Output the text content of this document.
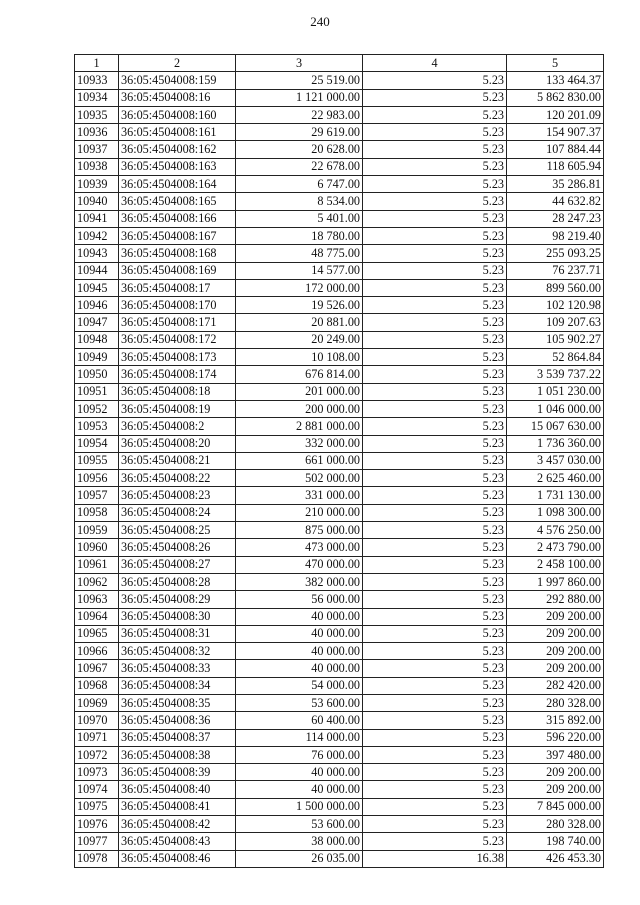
240
1	2	3	4	5
10933	36:05:4504008:159	25 519.00	5.23	133 464.37
10934	36:05:4504008:16	1 121 000.00	5.23	5 862 830.00
10935	36:05:4504008:160	22 983.00	5.23	120 201.09
10936	36:05:4504008:161	29 619.00	5.23	154 907.37
10937	36:05:4504008:162	20 628.00	5.23	107 884.44
10938	36:05:4504008:163	22 678.00	5.23	118 605.94
10939	36:05:4504008:164	6 747.00	5.23	35 286.81
10940	36:05:4504008:165	8 534.00	5.23	44 632.82
10941	36:05:4504008:166	5 401.00	5.23	28 247.23
10942	36:05:4504008:167	18 780.00	5.23	98 219.40
10943	36:05:4504008:168	48 775.00	5.23	255 093.25
10944	36:05:4504008:169	14 577.00	5.23	76 237.71
10945	36:05:4504008:17	172 000.00	5.23	899 560.00
10946	36:05:4504008:170	19 526.00	5.23	102 120.98
10947	36:05:4504008:171	20 881.00	5.23	109 207.63
10948	36:05:4504008:172	20 249.00	5.23	105 902.27
10949	36:05:4504008:173	10 108.00	5.23	52 864.84
10950	36:05:4504008:174	676 814.00	5.23	3 539 737.22
10951	36:05:4504008:18	201 000.00	5.23	1 051 230.00
10952	36:05:4504008:19	200 000.00	5.23	1 046 000.00
10953	36:05:4504008:2	2 881 000.00	5.23	15 067 630.00
10954	36:05:4504008:20	332 000.00	5.23	1 736 360.00
10955	36:05:4504008:21	661 000.00	5.23	3 457 030.00
10956	36:05:4504008:22	502 000.00	5.23	2 625 460.00
10957	36:05:4504008:23	331 000.00	5.23	1 731 130.00
10958	36:05:4504008:24	210 000.00	5.23	1 098 300.00
10959	36:05:4504008:25	875 000.00	5.23	4 576 250.00
10960	36:05:4504008:26	473 000.00	5.23	2 473 790.00
10961	36:05:4504008:27	470 000.00	5.23	2 458 100.00
10962	36:05:4504008:28	382 000.00	5.23	1 997 860.00
10963	36:05:4504008:29	56 000.00	5.23	292 880.00
10964	36:05:4504008:30	40 000.00	5.23	209 200.00
10965	36:05:4504008:31	40 000.00	5.23	209 200.00
10966	36:05:4504008:32	40 000.00	5.23	209 200.00
10967	36:05:4504008:33	40 000.00	5.23	209 200.00
10968	36:05:4504008:34	54 000.00	5.23	282 420.00
10969	36:05:4504008:35	53 600.00	5.23	280 328.00
10970	36:05:4504008:36	60 400.00	5.23	315 892.00
10971	36:05:4504008:37	114 000.00	5.23	596 220.00
10972	36:05:4504008:38	76 000.00	5.23	397 480.00
10973	36:05:4504008:39	40 000.00	5.23	209 200.00
10974	36:05:4504008:40	40 000.00	5.23	209 200.00
10975	36:05:4504008:41	1 500 000.00	5.23	7 845 000.00
10976	36:05:4504008:42	53 600.00	5.23	280 328.00
10977	36:05:4504008:43	38 000.00	5.23	198 740.00
10978	36:05:4504008:46	26 035.00	16.38	426 453.30
